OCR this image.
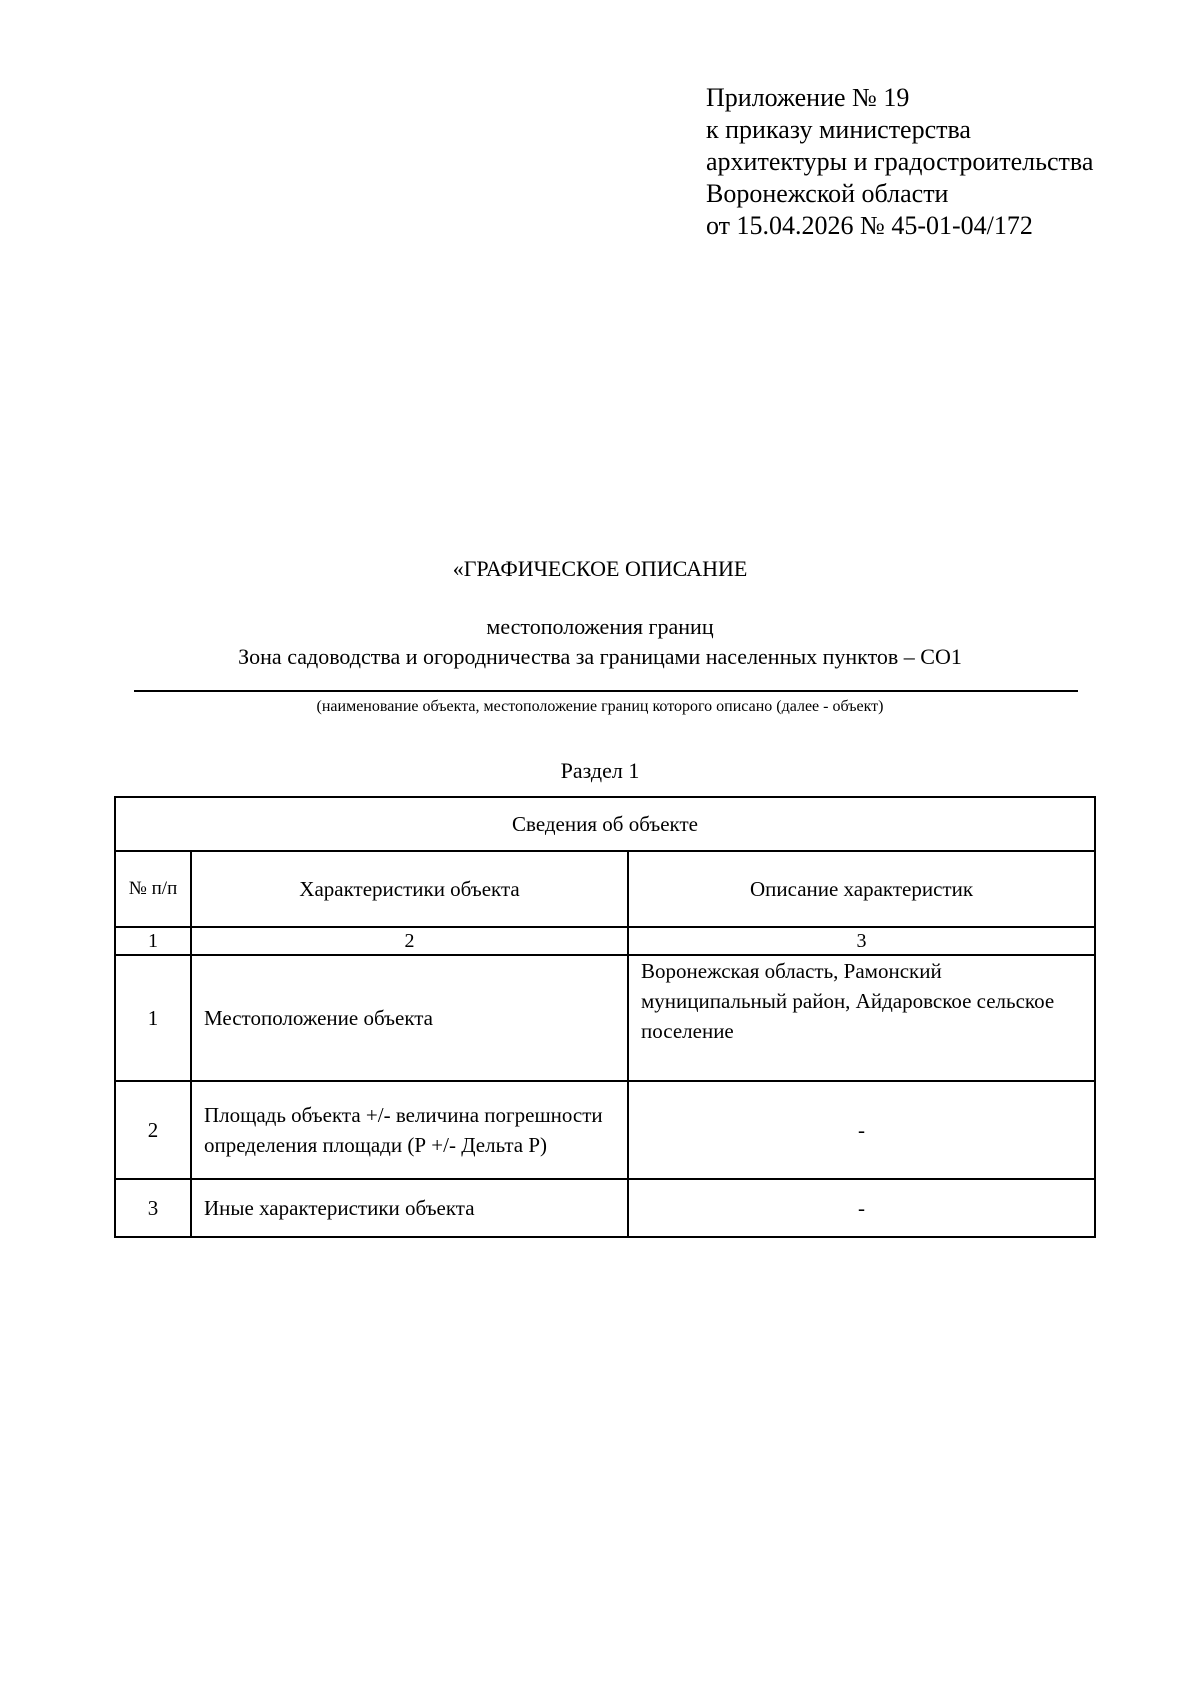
Приложение № 19
к приказу министерства
архитектуры и градостроительства
Воронежской области
от 15.04.2026 № 45-01-04/172
«ГРАФИЧЕСКОЕ ОПИСАНИЕ
местоположения границ
Зона садоводства и огородничества за границами населенных пунктов – СО1
(наименование объекта, местоположение границ которого описано (далее - объект)
Раздел 1
Сведения об объекте		
№ п/п	Характеристики объекта	Описание характеристик
1	2	3
1	Местоположение объекта	Воронежская область, Рамонский муниципальный район, Айдаровское сельское поселение
2	Площадь объекта +/- величина погрешности определения площади (Р +/- Дельта Р)	-
3	Иные характеристики объекта	-
